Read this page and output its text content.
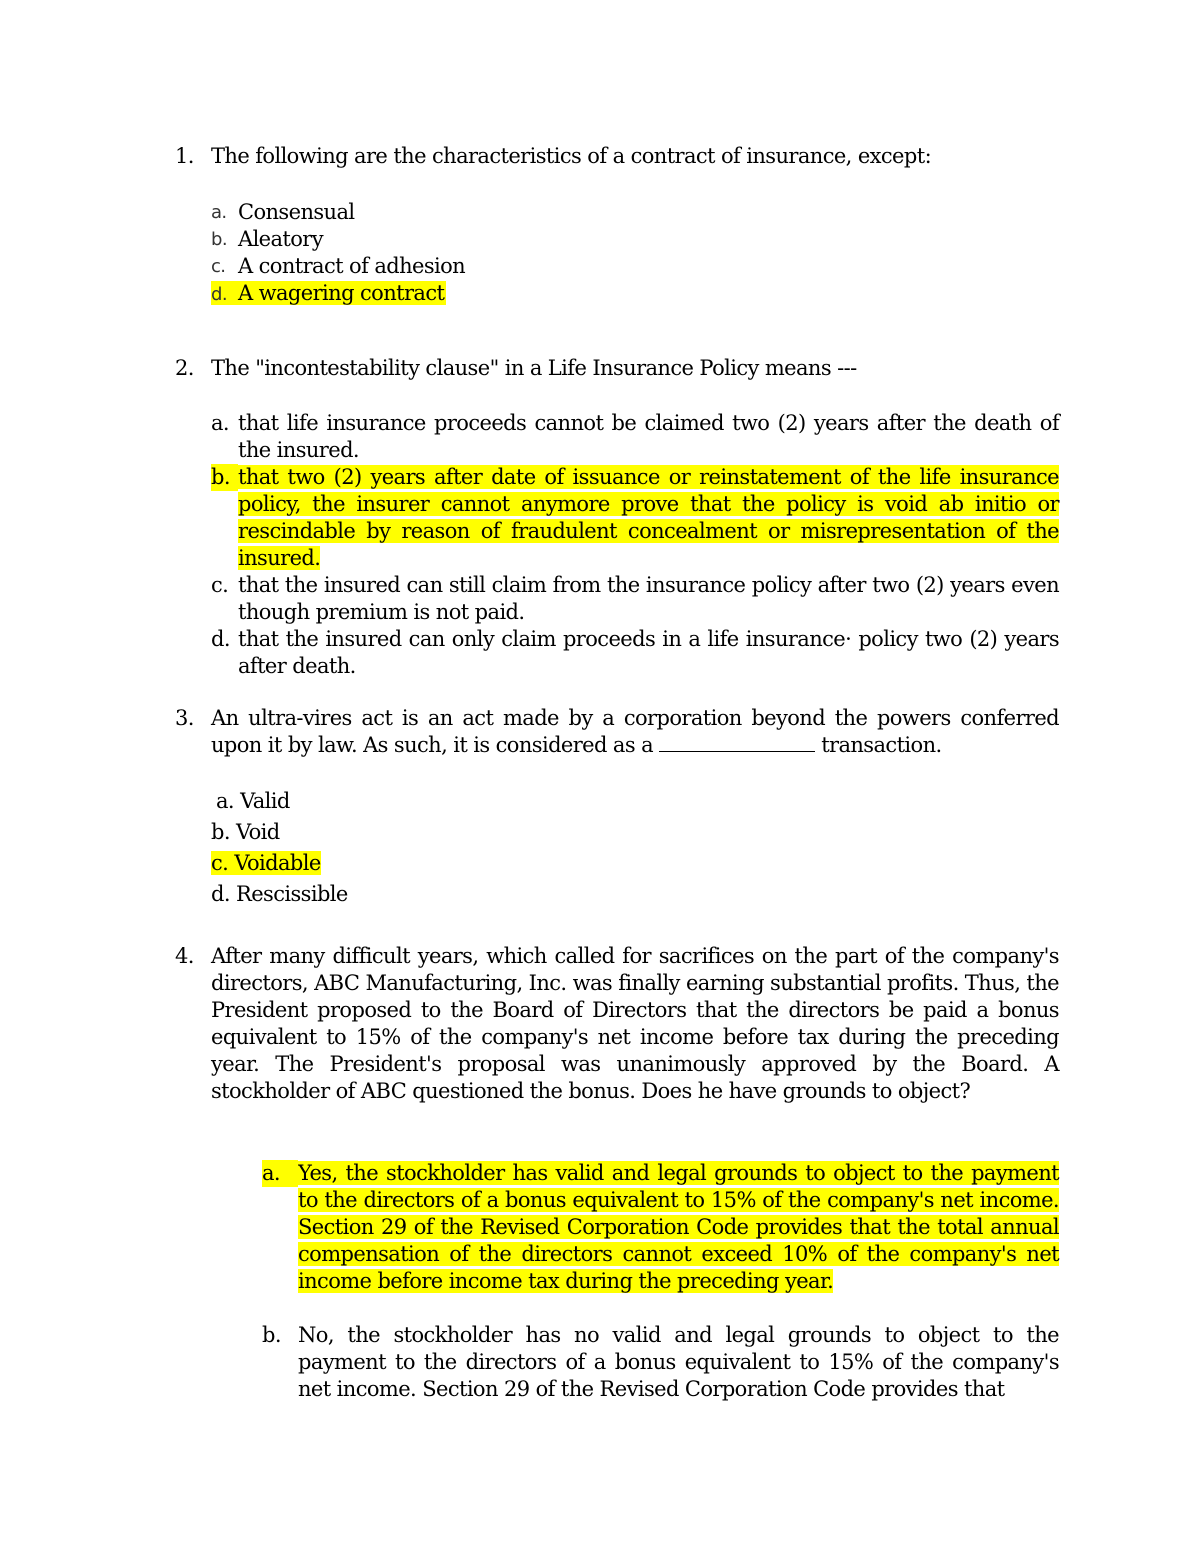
1. The following are the characteristics of a contract of insurance, except:
a. Consensual
b. Aleatory
c. A contract of adhesion
d. A wagering contract
2. The "incontestability clause" in a Life Insurance Policy means ---
a. that life insurance proceeds cannot be claimed two (2) years after the death of the insured.
b. that two (2) years after date of issuance or reinstatement of the life insurance policy, the insurer cannot anymore prove that the policy is void ab initio or rescindable by reason of fraudulent concealment or misrepresentation of the insured.
c. that the insured can still claim from the insurance policy after two (2) years even though premium is not paid.
d. that the insured can only claim proceeds in a life insurance· policy two (2) years after death.
3. An ultra-vires act is an act made by a corporation beyond the powers conferred upon it by law. As such, it is considered as a	transaction.
a. Valid
b. Void
c. Voidable
d. Rescissible
4. After many difficult years, which called for sacrifices on the part of the company's directors, ABC Manufacturing, Inc. was finally earning substantial profits. Thus, the President proposed to the Board of Directors that the directors be paid a bonus equivalent to 15% of the company's net income before tax during the preceding year. The President's proposal was unanimously approved by the Board. A stockholder of ABC questioned the bonus. Does he have grounds to object?
a. Yes, the stockholder has valid and legal grounds to object to the payment to the directors of a bonus equivalent to 15% of the company's net income. Section 29 of the Revised Corporation Code provides that the total annual compensation of the directors cannot exceed 10% of the company's net income before income tax during the preceding year.
b. No, the stockholder has no valid and legal grounds to object to the payment to the directors of a bonus equivalent to 15% of the company's net income. Section 29 of the Revised Corporation Code provides that
